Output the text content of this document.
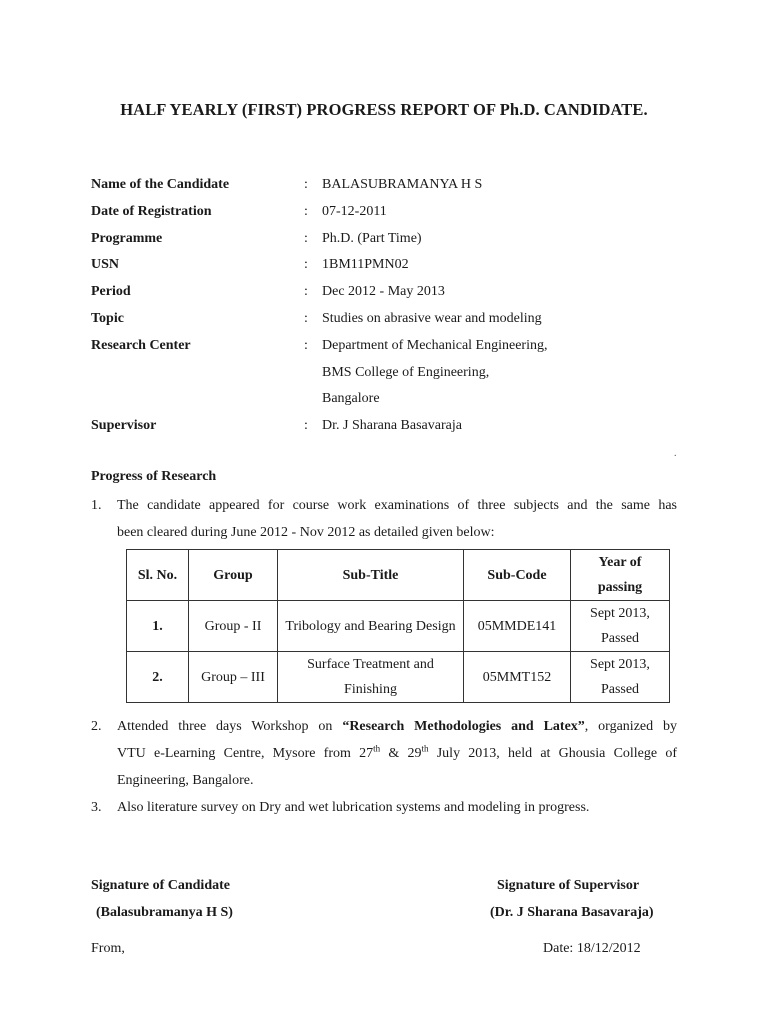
HALF YEARLY (FIRST) PROGRESS REPORT OF Ph.D. CANDIDATE.
Name of the Candidate	: BALASUBRAMANYA H S
Date of Registration	: 07-12-2011
Programme	: Ph.D. (Part Time)
USN	: 1BM11PMN02
Period	: Dec 2012 - May 2013
Topic	: Studies on abrasive wear and modeling
Research Center	: Department of Mechanical Engineering,
BMS College of Engineering,
Bangalore
Supervisor	: Dr. J Sharana Basavaraja
.
Progress of Research
1. The candidate appeared for course work examinations of three subjects and the same has
been cleared during June 2012 - Nov 2012 as detailed given below:
Sl. No.	Group	Sub-Title	Sub-Code	Year of passing
1.	Group - II	Tribology and Bearing Design	05MMDE141	Sept 2013, Passed
2.	Group – III	Surface Treatment and Finishing	05MMT152	Sept 2013, Passed
2. Attended three days Workshop on “Research Methodologies and Latex”, organized by
VTU e-Learning Centre, Mysore from 27th & 29th July 2013, held at Ghousia College of
Engineering, Bangalore.
3. Also literature survey on Dry and wet lubrication systems and modeling in progress.
Signature of Candidate
(Balasubramanya H S)
Signature of Supervisor
(Dr. J Sharana Basavaraja)
From,	Date: 18/12/2012
